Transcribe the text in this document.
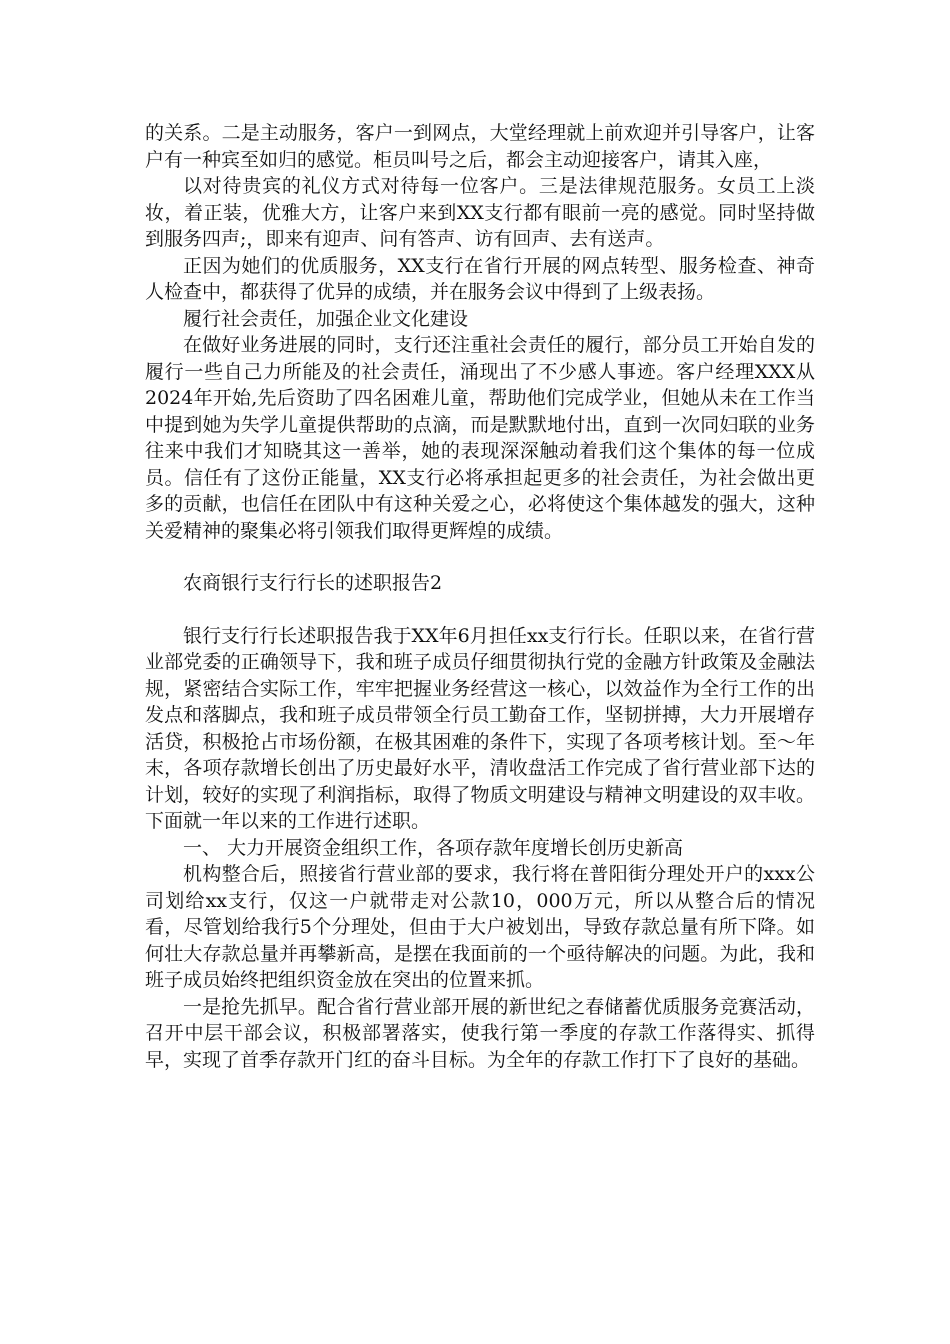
的关系。二是主动服务，客户一到网点，大堂经理就上前欢迎并引导客户，让客户有一种宾至如归的感觉。柜员叫号之后，都会主动迎接客户，请其入座，

以对待贵宾的礼仪方式对待每一位客户。三是法律规范服务。女员工上淡妆，着正装，优雅大方，让客户来到XX支行都有眼前一亮的感觉。同时坚持做到服务四声;，即来有迎声、问有答声、访有回声、去有送声。

正因为她们的优质服务，XX支行在省行开展的网点转型、服务检查、神奇人检查中，都获得了优异的成绩，并在服务会议中得到了上级表扬。

履行社会责任，加强企业文化建设

在做好业务进展的同时，支行还注重社会责任的履行，部分员工开始自发的履行一些自己力所能及的社会责任，涌现出了不少感人事迹。客户经理XXX从2024年开始,先后资助了四名困难儿童，帮助他们完成学业，但她从未在工作当中提到她为失学儿童提供帮助的点滴，而是默默地付出，直到一次同妇联的业务往来中我们才知晓其这一善举，她的表现深深触动着我们这个集体的每一位成员。信任有了这份正能量，XX支行必将承担起更多的社会责任，为社会做出更多的贡献，也信任在团队中有这种关爱之心，必将使这个集体越发的强大，这种关爱精神的聚集必将引领我们取得更辉煌的成绩。

农商银行支行行长的述职报告2

银行支行行长述职报告我于XX年6月担任xx支行行长。任职以来，在省行营业部党委的正确领导下，我和班子成员仔细贯彻执行党的金融方针政策及金融法规，紧密结合实际工作，牢牢把握业务经营这一核心，以效益作为全行工作的出发点和落脚点，我和班子成员带领全行员工勤奋工作，坚韧拼搏，大力开展增存活贷，积极抢占市场份额，在极其困难的条件下，实现了各项考核计划。至～年末，各项存款增长创出了历史最好水平，清收盘活工作完成了省行营业部下达的计划，较好的实现了利润指标，取得了物质文明建设与精神文明建设的双丰收。下面就一年以来的工作进行述职。

一、 大力开展资金组织工作，各项存款年度增长创历史新高

机构整合后，照接省行营业部的要求，我行将在普阳街分理处开户的xxx公司划给xx支行，仅这一户就带走对公款10，000万元，所以从整合后的情况看，尽管划给我行5个分理处，但由于大户被划出，导致存款总量有所下降。如何壮大存款总量并再攀新高，是摆在我面前的一个亟待解决的问题。为此，我和班子成员始终把组织资金放在突出的位置来抓。

一是抢先抓早。配合省行营业部开展的新世纪之春储蓄优质服务竞赛活动，召开中层干部会议，积极部署落实，使我行第一季度的存款工作落得实、抓得早，实现了首季存款开门红的奋斗目标。为全年的存款工作打下了良好的基础。
